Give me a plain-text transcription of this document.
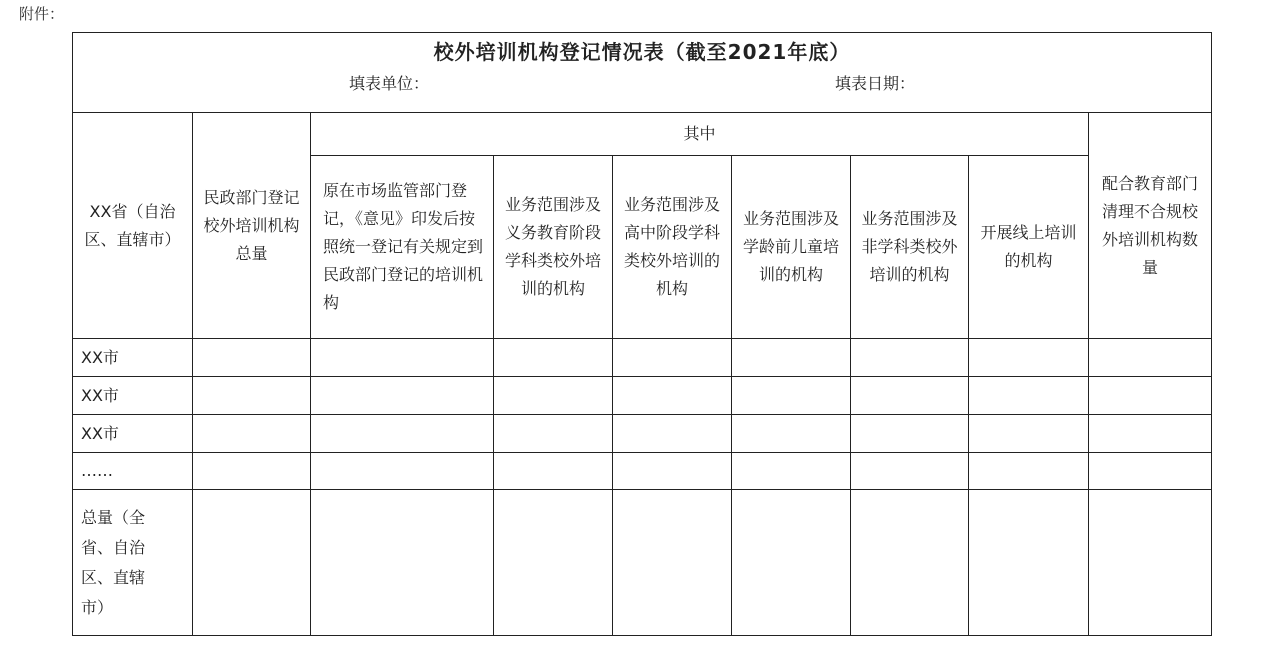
附件：
校外培训机构登记情况表（截至2021年底）
填表单位： 填表日期：								

XX省（自治区、直辖市）	民政部门登记校外培训机构总量	其中						配合教育部门清理不合规校外培训机构数量
		原在市场监管部门登记，《意见》印发后按照统一登记有关规定到民政部门登记的培训机构	业务范围涉及义务教育阶段学科类校外培训的机构	业务范围涉及高中阶段学科类校外培训的机构	业务范围涉及学龄前儿童培训的机构	业务范围涉及非学科类校外培训的机构	开展线上培训的机构	
XX市								
XX市								
XX市								
……								
总量（全省、自治区、直辖市）								
